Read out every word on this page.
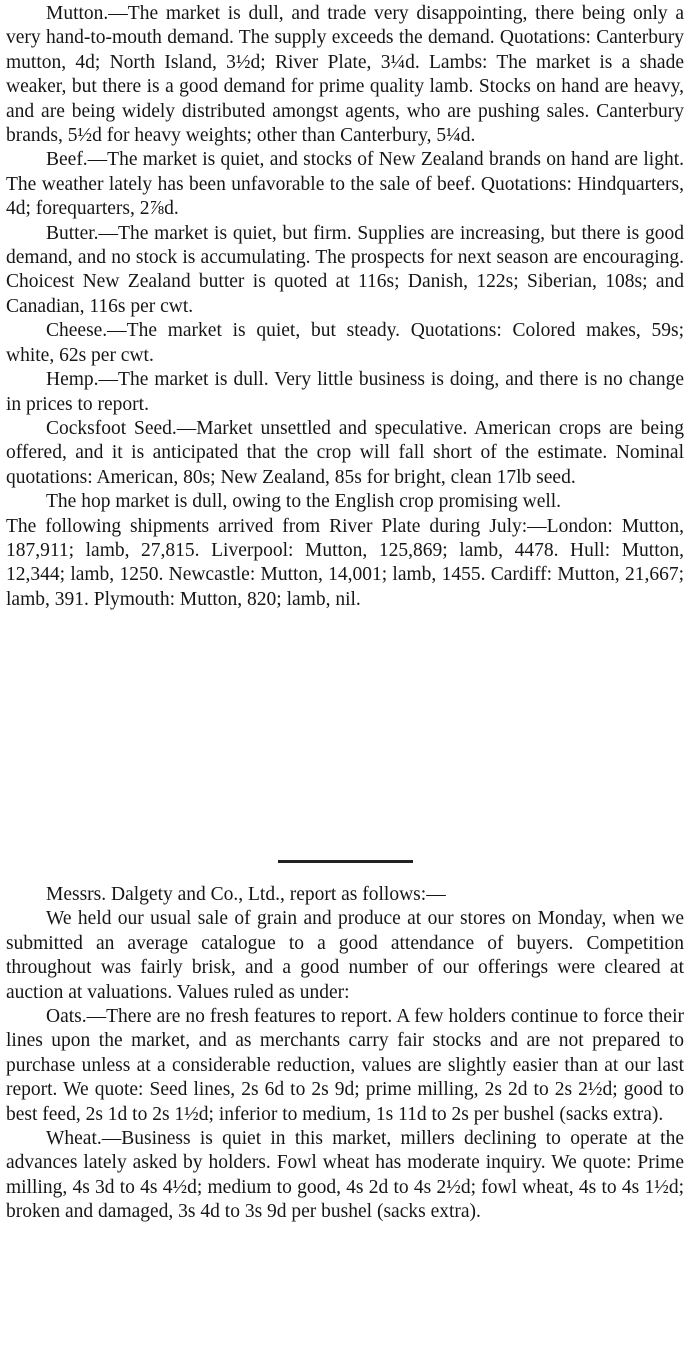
Mutton.—The market is dull, and trade very disappointing, there being only a very hand-to-mouth demand. The supply exceeds the demand. Quotations: Canterbury mutton, 4d; North Island, 3½d; River Plate, 3¼d. Lambs: The market is a shade weaker, but there is a good demand for prime quality lamb. Stocks on hand are heavy, and are being widely distributed amongst agents, who are pushing sales. Canterbury brands, 5½d for heavy weights; other than Canterbury, 5¼d.

Beef.—The market is quiet, and stocks of New Zealand brands on hand are light. The weather lately has been unfavorable to the sale of beef. Quotations: Hindquarters, 4d; forequarters, 2⅞d.

Butter.—The market is quiet, but firm. Supplies are increasing, but there is good demand, and no stock is accumulating. The prospects for next season are encouraging. Choicest New Zealand butter is quoted at 116s; Danish, 122s; Siberian, 108s; and Canadian, 116s per cwt.

Cheese.—The market is quiet, but steady. Quotations: Colored makes, 59s; white, 62s per cwt.

Hemp.—The market is dull. Very little business is doing, and there is no change in prices to report.

Cocksfoot Seed.—Market unsettled and speculative. American crops are being offered, and it is anticipated that the crop will fall short of the estimate. Nominal quotations: American, 80s; New Zealand, 85s for bright, clean 17lb seed.

The hop market is dull, owing to the English crop promising well.

The following shipments arrived from River Plate during July:—London: Mutton, 187,911; lamb, 27,815. Liverpool: Mutton, 125,869; lamb, 4478. Hull: Mutton, 12,344; lamb, 1250. Newcastle: Mutton, 14,001; lamb, 1455. Cardiff: Mutton, 21,667; lamb, 391. Plymouth: Mutton, 820; lamb, nil.

Messrs. Dalgety and Co., Ltd., report as follows:—

We held our usual sale of grain and produce at our stores on Monday, when we submitted an average catalogue to a good attendance of buyers. Competition throughout was fairly brisk, and a good number of our offerings were cleared at auction at valuations. Values ruled as under:

Oats.—There are no fresh features to report. A few holders continue to force their lines upon the market, and as merchants carry fair stocks and are not prepared to purchase unless at a considerable reduction, values are slightly easier than at our last report. We quote: Seed lines, 2s 6d to 2s 9d; prime milling, 2s 2d to 2s 2½d; good to best feed, 2s 1d to 2s 1½d; inferior to medium, 1s 11d to 2s per bushel (sacks extra).

Wheat.—Business is quiet in this market, millers declining to operate at the advances lately asked by holders. Fowl wheat has moderate inquiry. We quote: Prime milling, 4s 3d to 4s 4½d; medium to good, 4s 2d to 4s 2½d; fowl wheat, 4s to 4s 1½d; broken and damaged, 3s 4d to 3s 9d per bushel (sacks extra).
